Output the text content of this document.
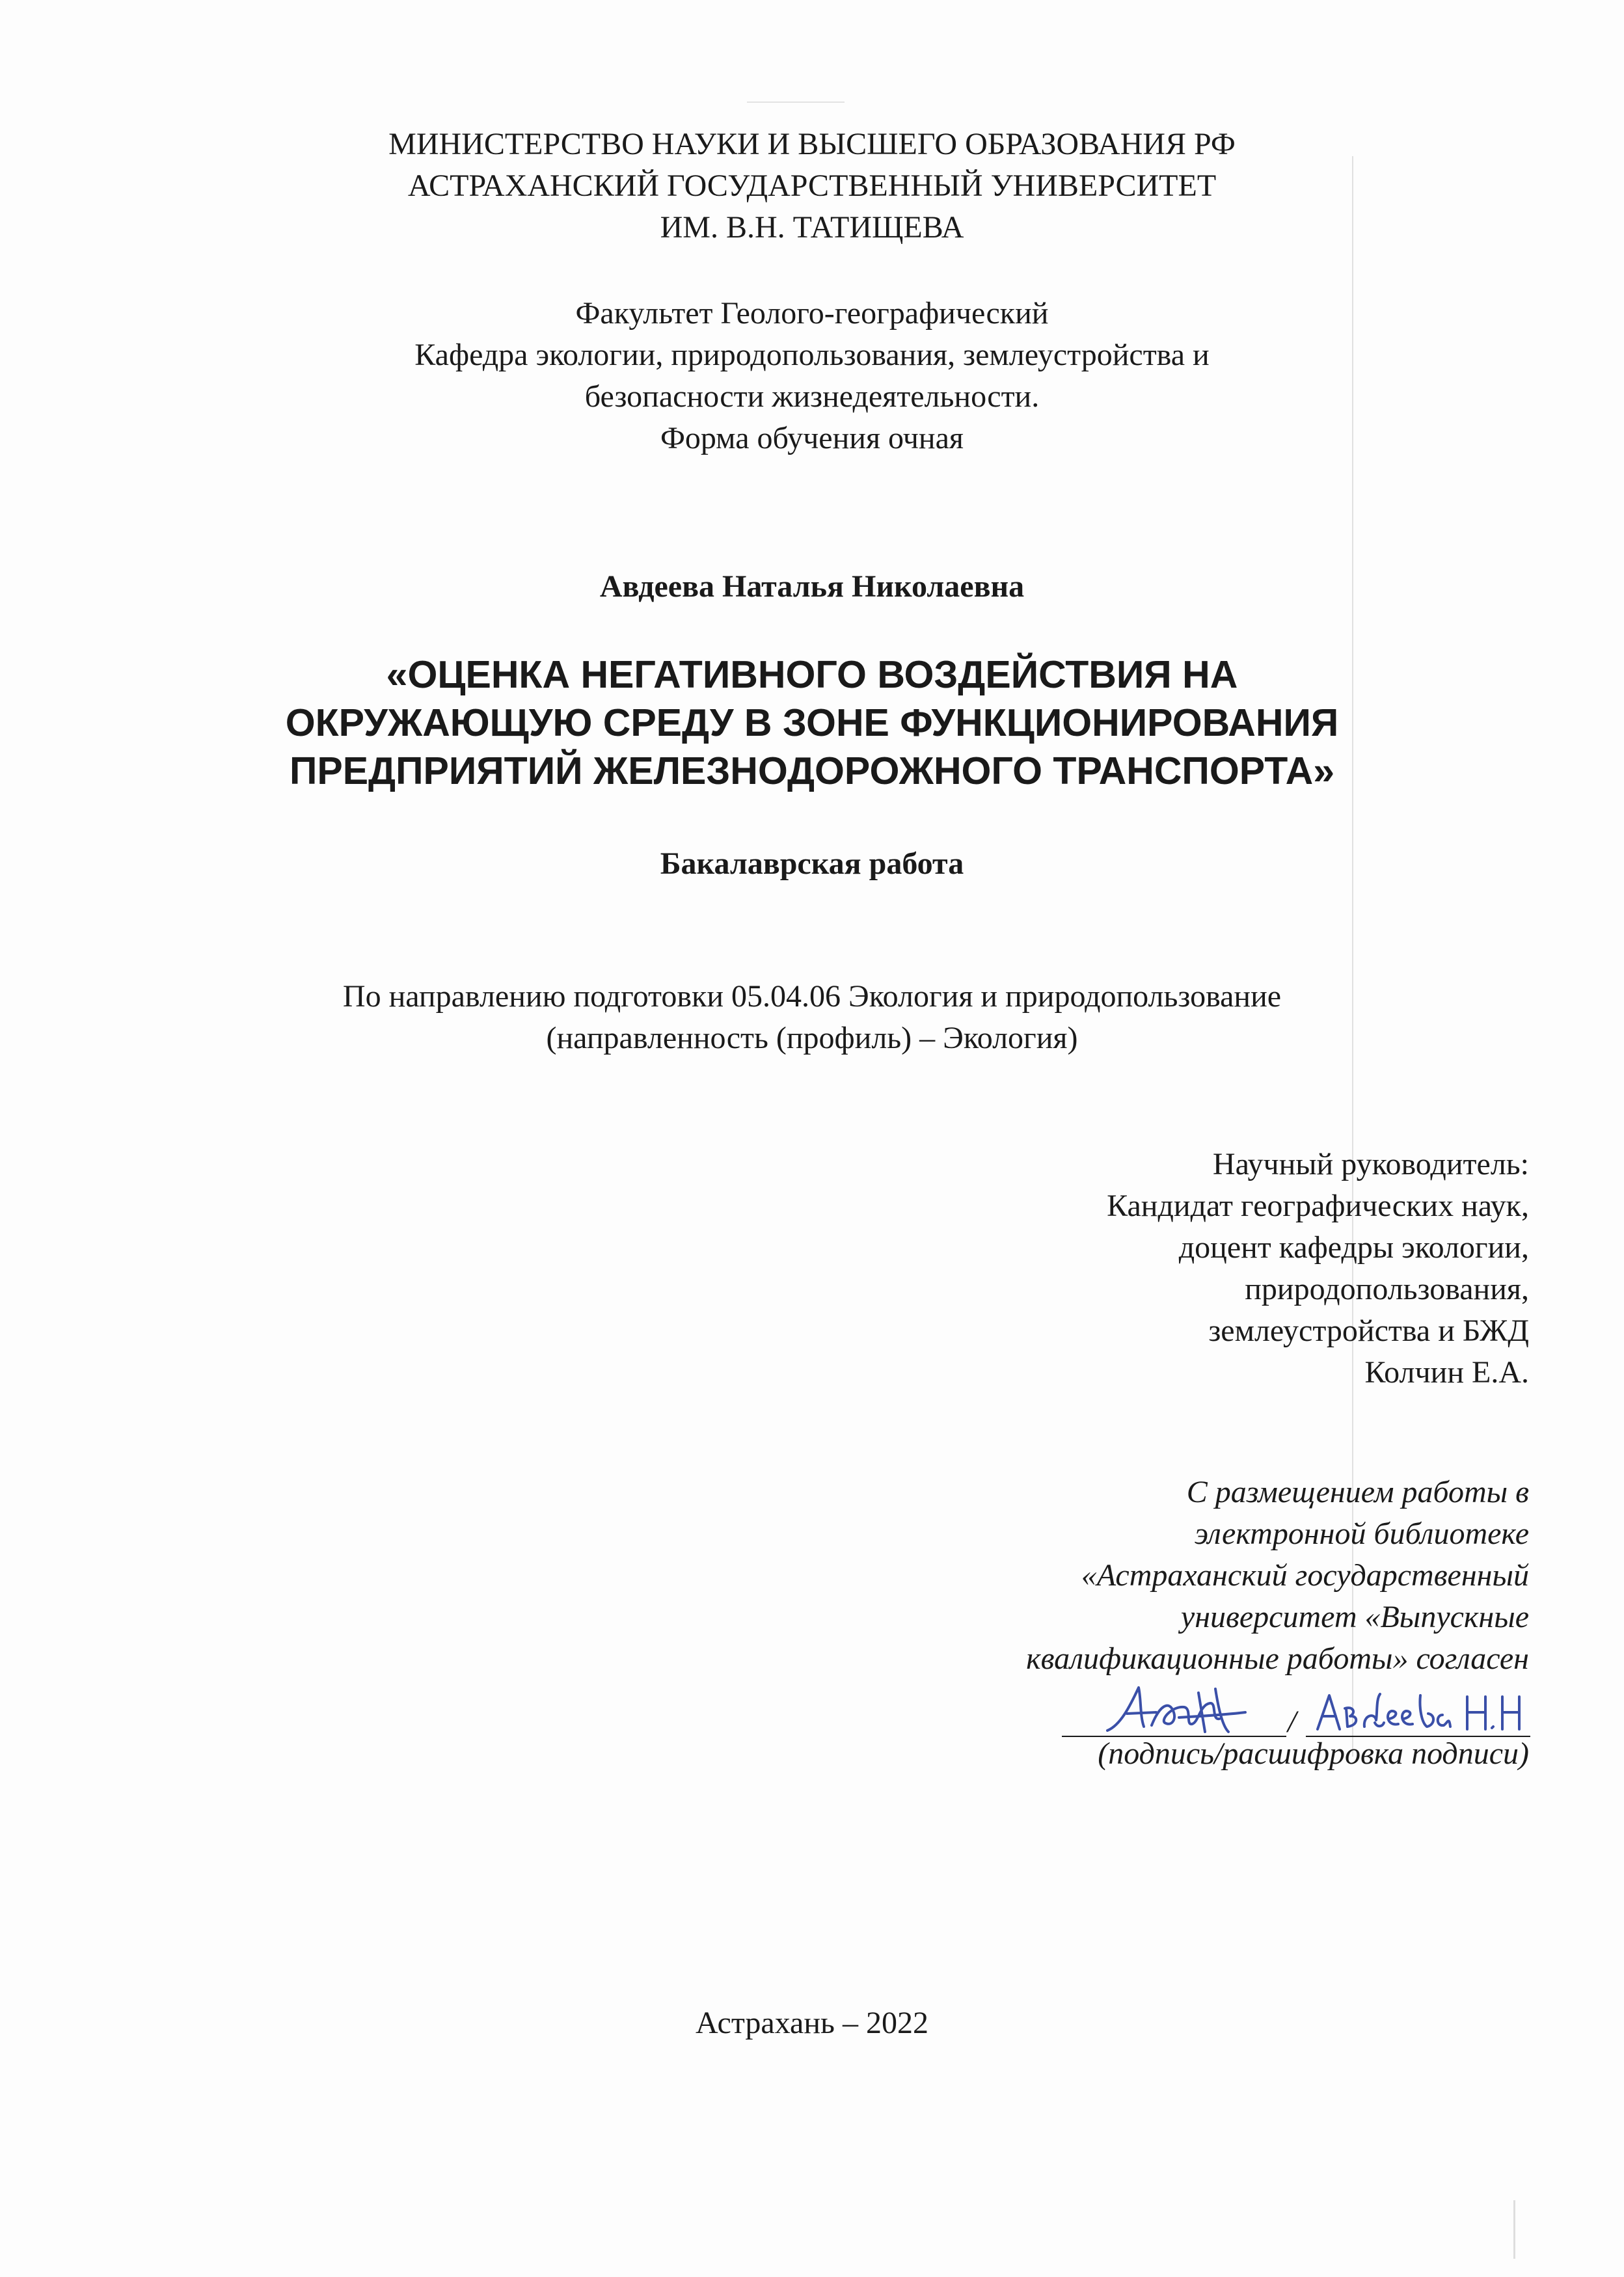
МИНИСТЕРСТВО НАУКИ И ВЫСШЕГО ОБРАЗОВАНИЯ РФ
АСТРАХАНСКИЙ ГОСУДАРСТВЕННЫЙ УНИВЕРСИТЕТ
ИМ. В.Н. ТАТИЩЕВА
Факультет Геолого-географический
Кафедра экологии, природопользования, землеустройства и
безопасности жизнедеятельности.
Форма обучения очная
Авдеева Наталья Николаевна
«ОЦЕНКА НЕГАТИВНОГО ВОЗДЕЙСТВИЯ НА
ОКРУЖАЮЩУЮ СРЕДУ В ЗОНЕ ФУНКЦИОНИРОВАНИЯ
ПРЕДПРИЯТИЙ ЖЕЛЕЗНОДОРОЖНОГО ТРАНСПОРТА»
Бакалаврская работа
По направлению подготовки 05.04.06 Экология и природопользование
(направленность (профиль) – Экология)
Научный руководитель:
Кандидат географических наук,
доцент кафедры экологии,
природопользования,
землеустройства и БЖД
Колчин Е.А.
С размещением работы в
электронной библиотеке
«Астраханский государственный
университет «Выпускные
квалификационные работы» согласен
/
(подпись/расшифровка подписи)
Астрахань – 2022
